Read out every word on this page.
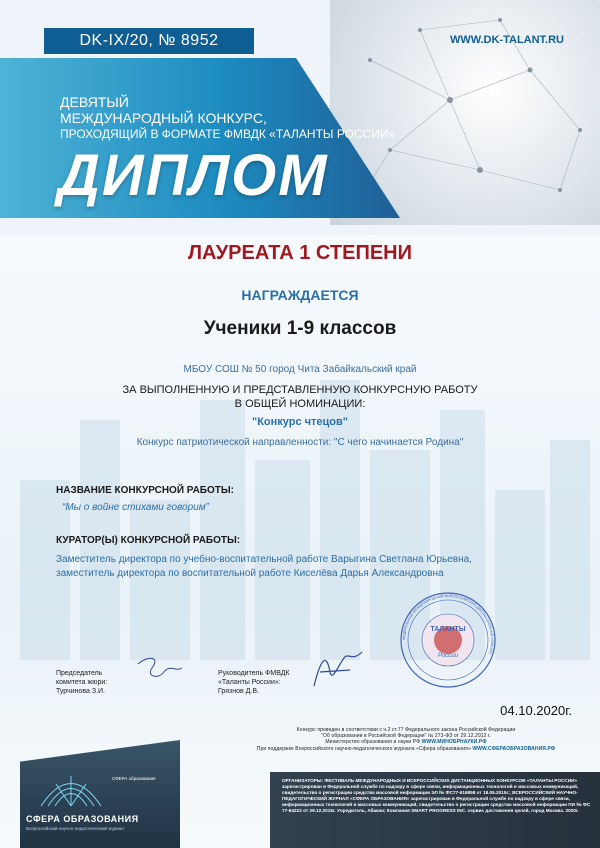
DK-IX/20, № 8952	WWW.DK-TALANT.RU
ДЕВЯТЫЙ
МЕЖДУНАРОДНЫЙ КОНКУРС,
ПРОХОДЯЩИЙ В ФОРМАТЕ ФМВДК «ТАЛАНТЫ РОССИИ»
ДИПЛОМ
ЛАУРЕАТА 1 СТЕПЕНИ
НАГРАЖДАЕТСЯ
Ученики 1-9 классов
МБОУ СОШ № 50 город Чита Забайкальский край
ЗА ВЫПОЛНЕННУЮ И ПРЕДСТАВЛЕННУЮ КОНКУРСНУЮ РАБОТУ
В ОБЩЕЙ НОМИНАЦИИ:
"Конкурс чтецов"
Конкурс патриотической направленности: "С чего начинается Родина"
НАЗВАНИЕ КОНКУРСНОЙ РАБОТЫ:
“Мы о войне стихами говорим”
КУРАТОР(Ы) КОНКУРСНОЙ РАБОТЫ:
Заместитель директора по учебно-воспитательной работе Варыгина Светлана Юрьевна,
заместитель директора по воспитательной работе Киселёва Дарья Александровна
Председатель
комитета жюри:
Турчинова З.И.
Руководитель ФМВДК
«Таланты России»:
Грязнов Д.В.
ТАЛАНТЫ
России
ФЕДЕРАЛЬНЫЙ МЕЖДУНАРОДНЫЙ ВСЕРОССИЙСКИЙ ДИСТАНЦИОННЫЙ КОНКУРС
04.10.2020г.
Конкурс проведен в соответствии с ч.2 ст.77 Федерального закона Российской Федерации
"Об образовании в Российской Федерации" № 273-ФЗ от 29.12.2012 г.
Министерство образования и науки РФ WWW.МИНОБРНАУКИ.РФ
При поддержке Всероссийского научно-педагогического журнала «Сфера образования» WWW.СФЕРАОБРАЗОВАНИЯ.РФ
СФЕРА образования
СФЕРА ОБРАЗОВАНИЯ
Всероссийский научно-педагогический журнал
ОРГАНИЗАТОРЫ: ФЕСТИВАЛЬ МЕЖДУНАРОДНЫХ И ВСЕРОССИЙСКИХ ДИСТАНЦИОННЫХ КОНКУРСОВ «ТАЛАНТЫ РОССИИ» зарегистрирован в Федеральной службе по надзору в сфере связи, информационных технологий и массовых коммуникаций, свидетельство о регистрации средства массовой информации ЭЛ № ФС77-616858 от 18.05.2015г.; ВСЕРОССИЙСКИЙ НАУЧНО-ПЕДАГОГИЧЕСКИЙ ЖУРНАЛ «СФЕРА ОБРАЗОВАНИЯ» зарегистрирован в Федеральной службе по надзору в сфере связи, информационных технологий и массовых коммуникаций, свидетельство о регистрации средства массовой информации ПИ № ФС 77-64222 от 29.12.2015г. Учредитель, Абакан; Компания SMART PROGRESS INC. сервис достижения целей, город Москва. 2020г.
